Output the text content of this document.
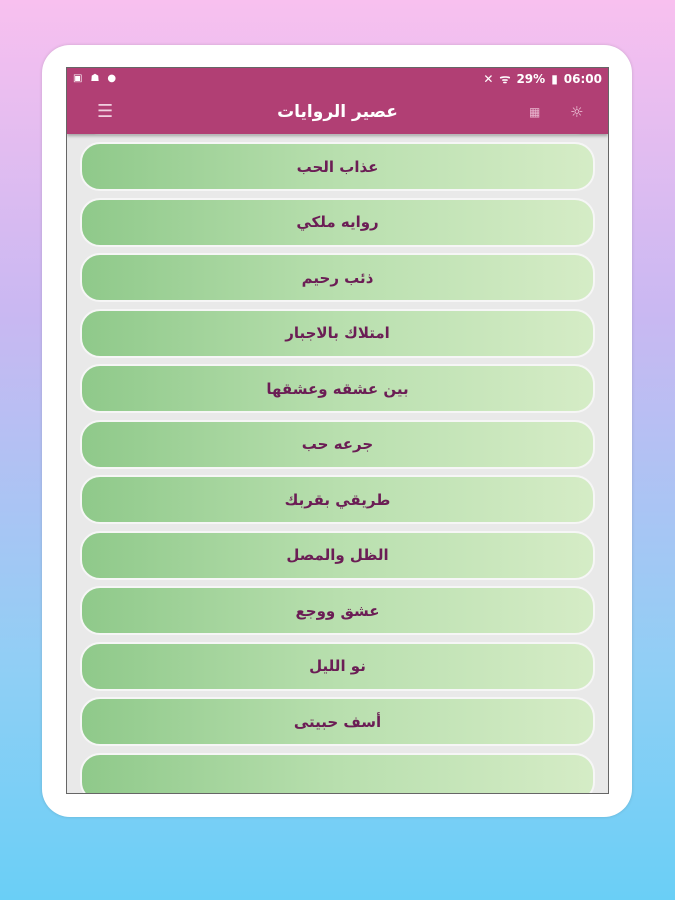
▣ ☗ ●	✕ ᯤ 29% ▮ 06:00
☼
▦
عصير الروايات
☰
عذاب الحب
روايه ملكي
ذئب رحيم
امتلاك بالاجبار
بين عشقه وعشقها
جرعه حب
طريقي بقربك
الظل والمصل
عشق ووجع
نو الليل
أسف حبيتى
